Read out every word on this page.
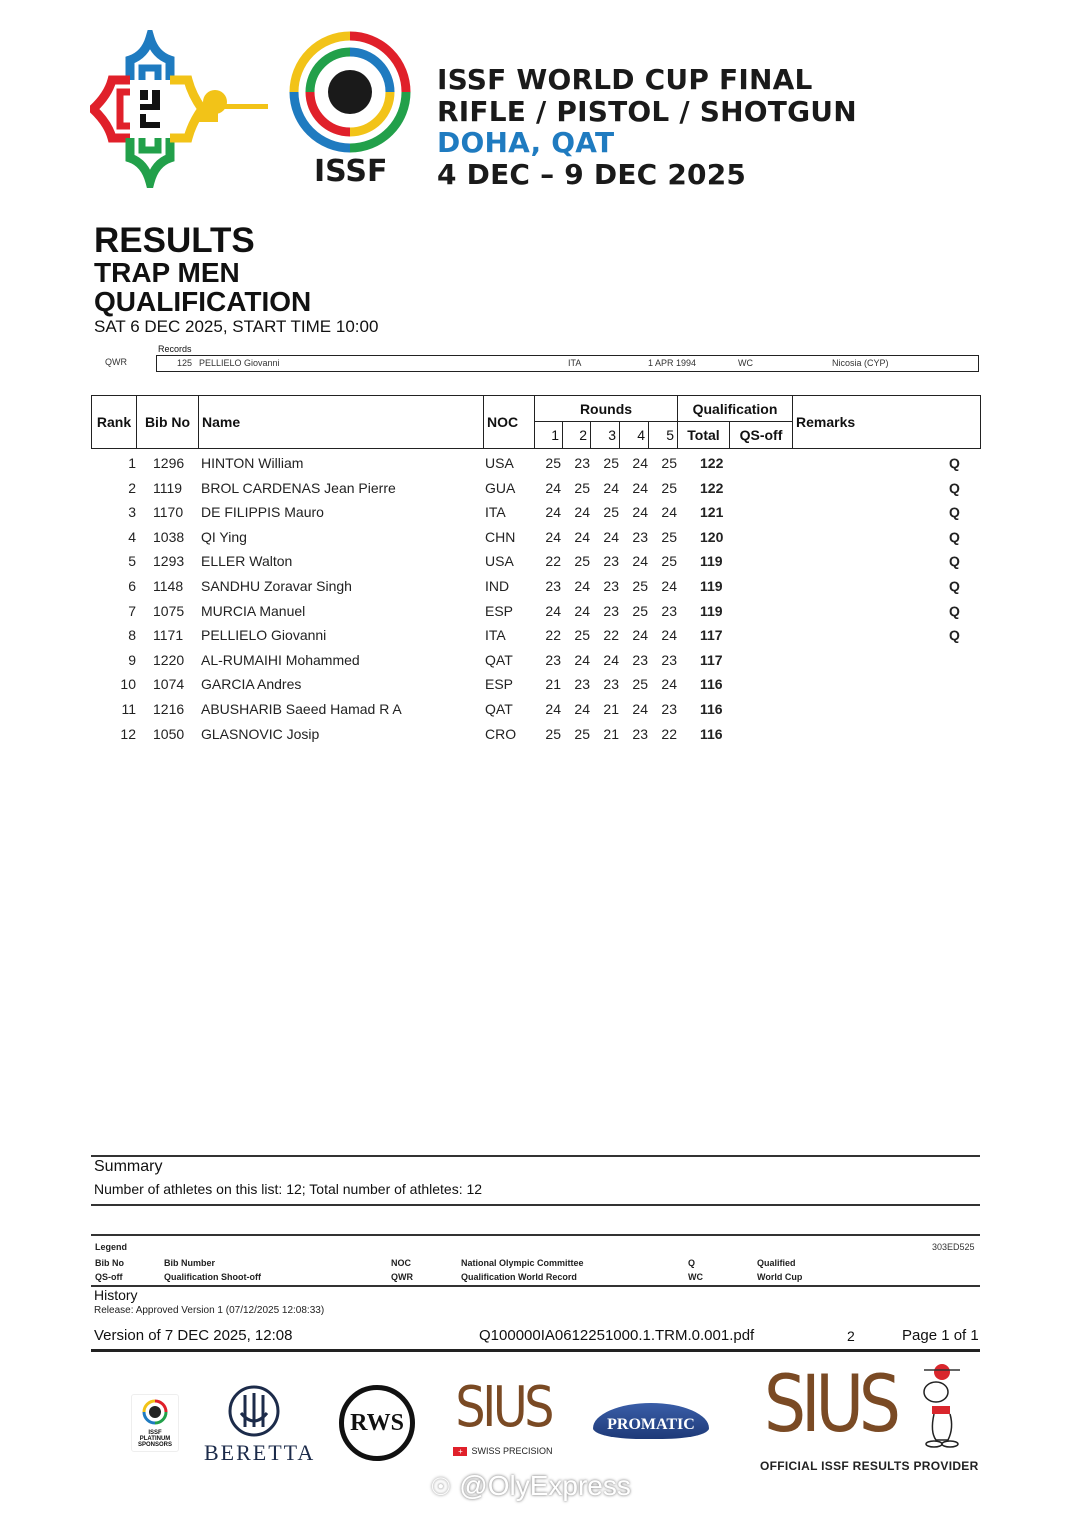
ISSF
ISSF WORLD CUP FINAL
RIFLE / PISTOL / SHOTGUN
DOHA, QAT
4 DEC – 9 DEC 2025
RESULTS
TRAP MEN
QUALIFICATION
SAT 6 DEC 2025, START TIME 10:00
Records
QWR	125 PELLIELO Giovanni	ITA	1 APR 1994	WC	Nicosia (CYP)
Rank Bib No Name	NOC
Rounds
1	2	3	4	5
Qualification
Total	QS-off
Remarks
1 1296 HINTON William	USA 25 23 25 24 25 122	Q
2 1119 BROL CARDENAS Jean Pierre	GUA 24 25 24 24 25 122	Q
3 1170 DE FILIPPIS Mauro	ITA	24 24 25 24 24 121	Q
4 1038 QI Ying	CHN 24 24 24 23 25 120	Q
5 1293 ELLER Walton	USA 22 25 23 24 25 119	Q
6 1148 SANDHU Zoravar Singh	IND	23 24 23 25 24 119	Q
7 1075 MURCIA Manuel	ESP 24 24 23 25 23 119	Q
8 1171 PELLIELO Giovanni	ITA	22 25 22 24 24 117	Q
9 1220 AL-RUMAIHI Mohammed	QAT 23 24 24 23 23 117
10 1074 GARCIA Andres	ESP 21 23 23 25 24 116
11 1216 ABUSHARIB Saeed Hamad R A	QAT 24 24 21 24 23 116
12 1050 GLASNOVIC Josip	CRO 25 25 21 23 22 116
Summary
Number of athletes on this list: 12; Total number of athletes: 12
Legend	303ED525
Bib No	Bib Number
QS-off	Qualification Shoot-off
NOC	National Olympic Committee
QWR	Qualification World Record
Q	Qualified
WC	World Cup
History
Release: Approved Version 1 (07/12/2025 12:08:33)
Version of 7 DEC 2025, 12:08	Q100000IA0612251000.1.TRM.0.001.pdf	2	Page 1 of 1
ISSF
PLATINUM
SPONSORS BERETTA
RWS SIUS
+ SWISS PRECISION
PROMATIC SIUS
OFFICIAL ISSF RESULTS PROVIDER
☉ @OlyExpress
